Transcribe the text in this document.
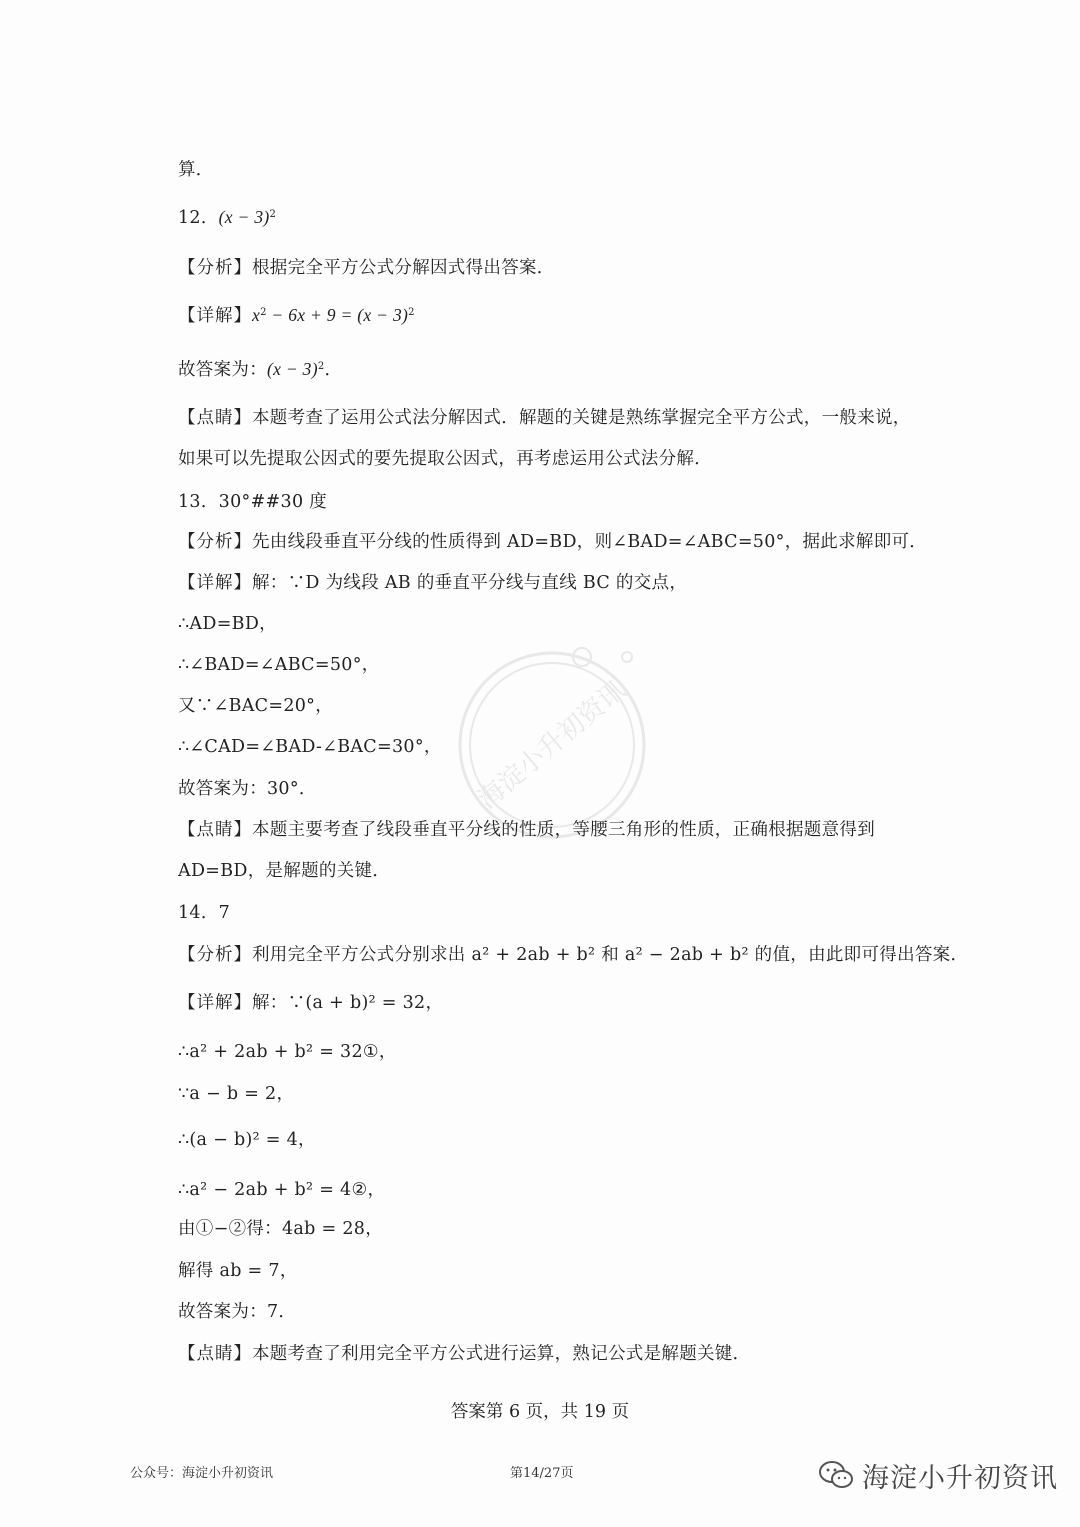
海淀小升初资讯
算．
12．$(x - 3)^2$
【分析】根据完全平方公式分解因式得出答案．
【详解】$x^2 - 6x + 9 = (x - 3)^2$
故答案为：$(x - 3)^2$．
【点睛】本题考查了运用公式法分解因式．解题的关键是熟练掌握完全平方公式，一般来说，
如果可以先提取公因式的要先提取公因式，再考虑运用公式法分解．
13．30°##30 度
【分析】先由线段垂直平分线的性质得到 AD=BD，则∠BAD=∠ABC=50°，据此求解即可．
【详解】解：∵D 为线段 AB 的垂直平分线与直线 BC 的交点，
∴AD=BD，
∴∠BAD=∠ABC=50°，
又∵∠BAC=20°，
∴∠CAD=∠BAD-∠BAC=30°，
故答案为：30°．
【点睛】本题主要考查了线段垂直平分线的性质，等腰三角形的性质，正确根据题意得到
AD=BD，是解题的关键．
14．7
【分析】利用完全平方公式分别求出 a² + 2ab + b² 和 a² − 2ab + b² 的值，由此即可得出答案．
【详解】解：∵(a + b)² = 32，
∴a² + 2ab + b² = 32①，
∵a − b = 2，
∴(a − b)² = 4，
∴a² − 2ab + b² = 4②，
由①−②得：4ab = 28，
解得 ab = 7，
故答案为：7．
【点睛】本题考查了利用完全平方公式进行运算，熟记公式是解题关键．
答案第 6 页，共 19 页
公众号：海淀小升初资讯	第14/27页	海淀小升初资讯
